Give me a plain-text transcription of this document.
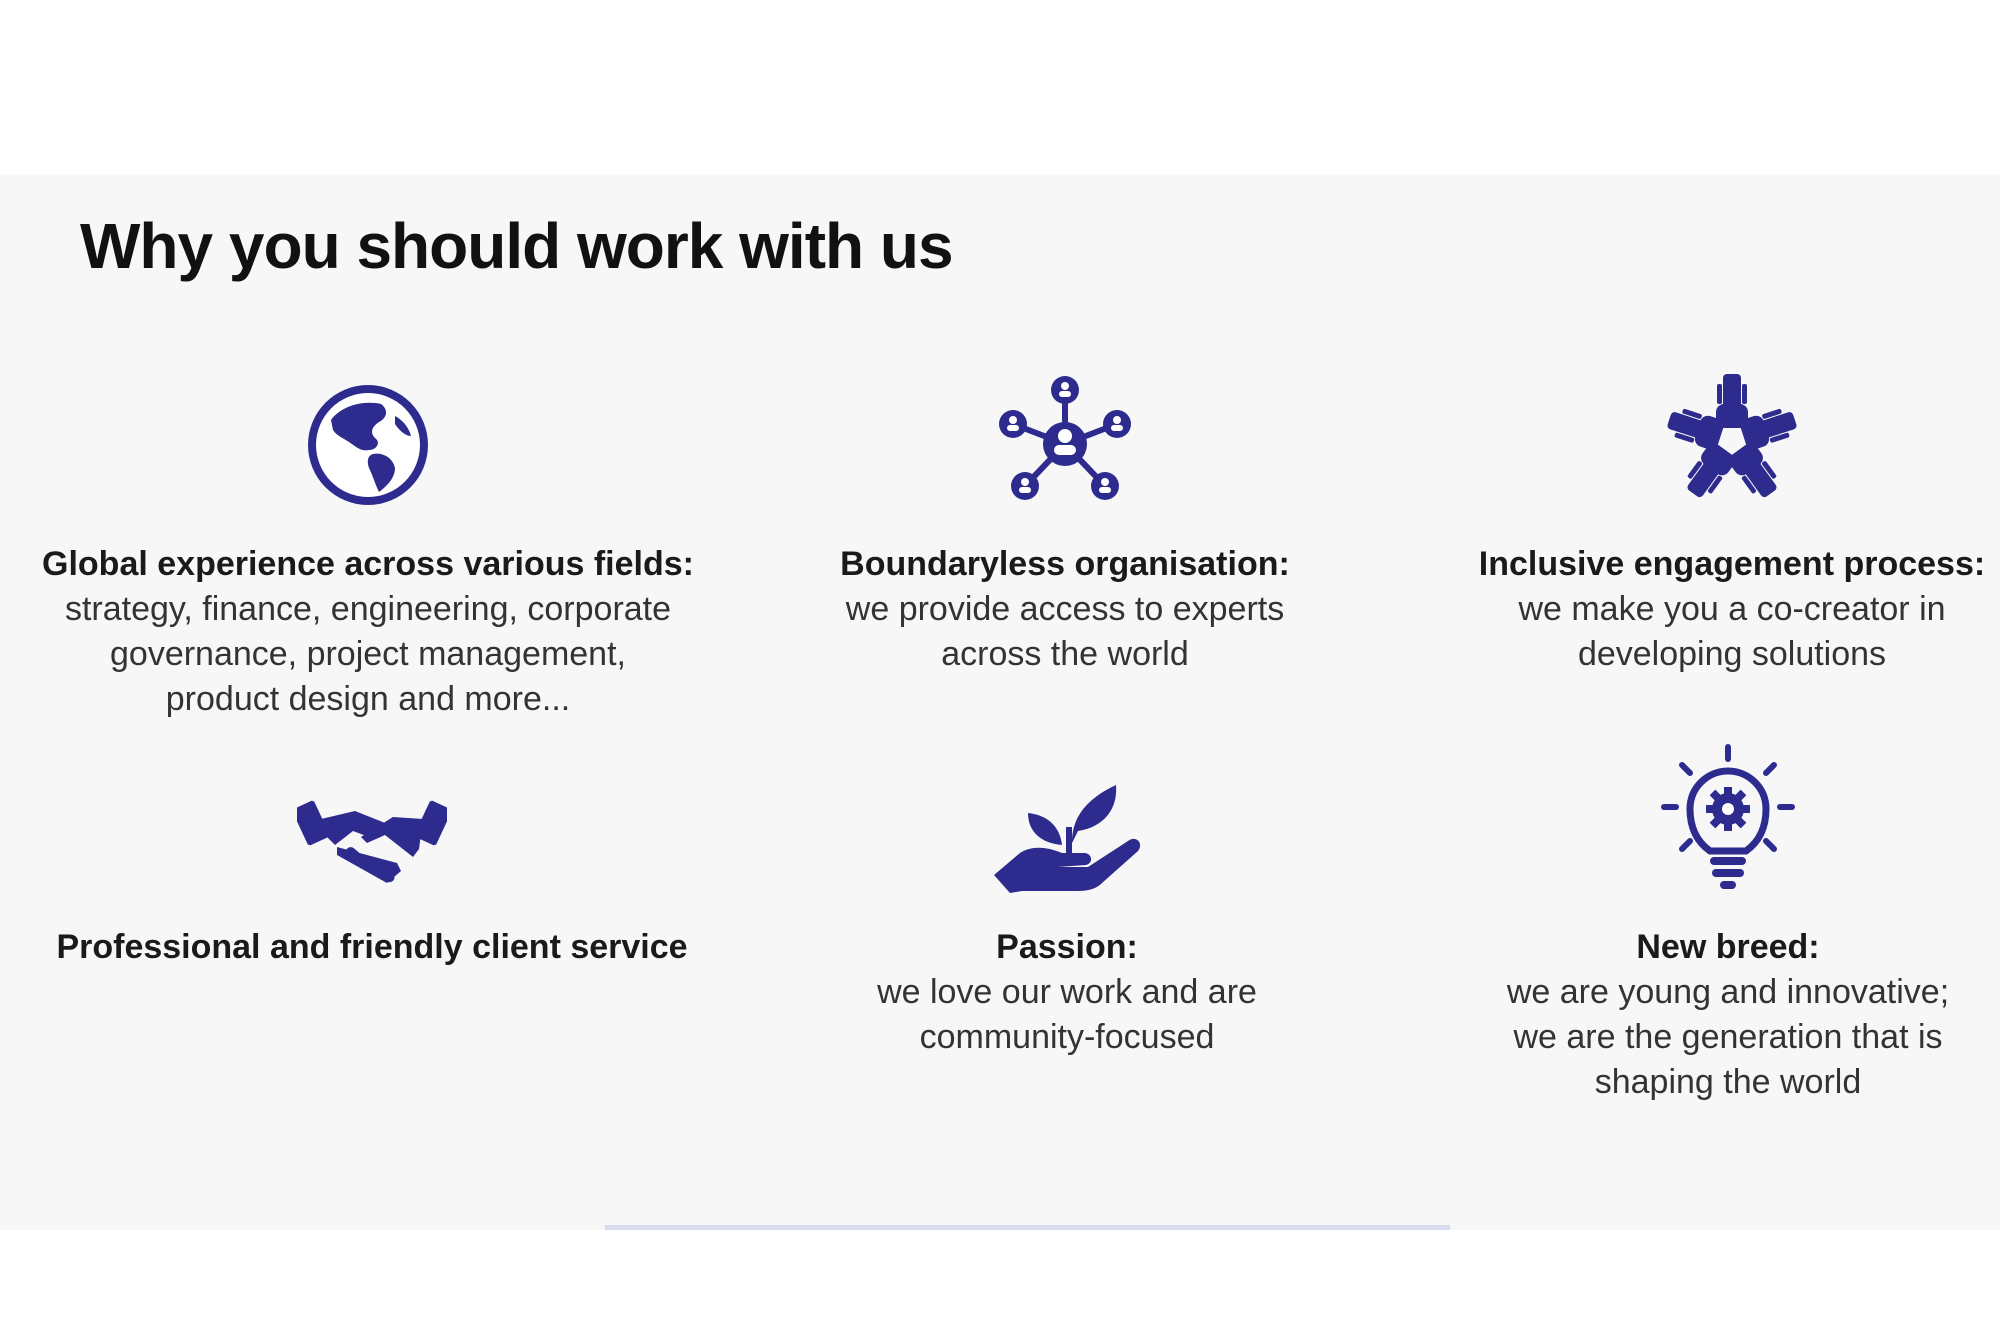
Why you should work with us
Global experience across various fields:
strategy, finance, engineering, corporate
governance, project management,
product design and more...
Boundaryless organisation:
we provide access to experts
across the world
Inclusive engagement process:
we make you a co-creator in
developing solutions
Professional and friendly client service	Passion:
we love our work and are
community-focused
New breed:
we are young and innovative;
we are the generation that is
shaping the world
